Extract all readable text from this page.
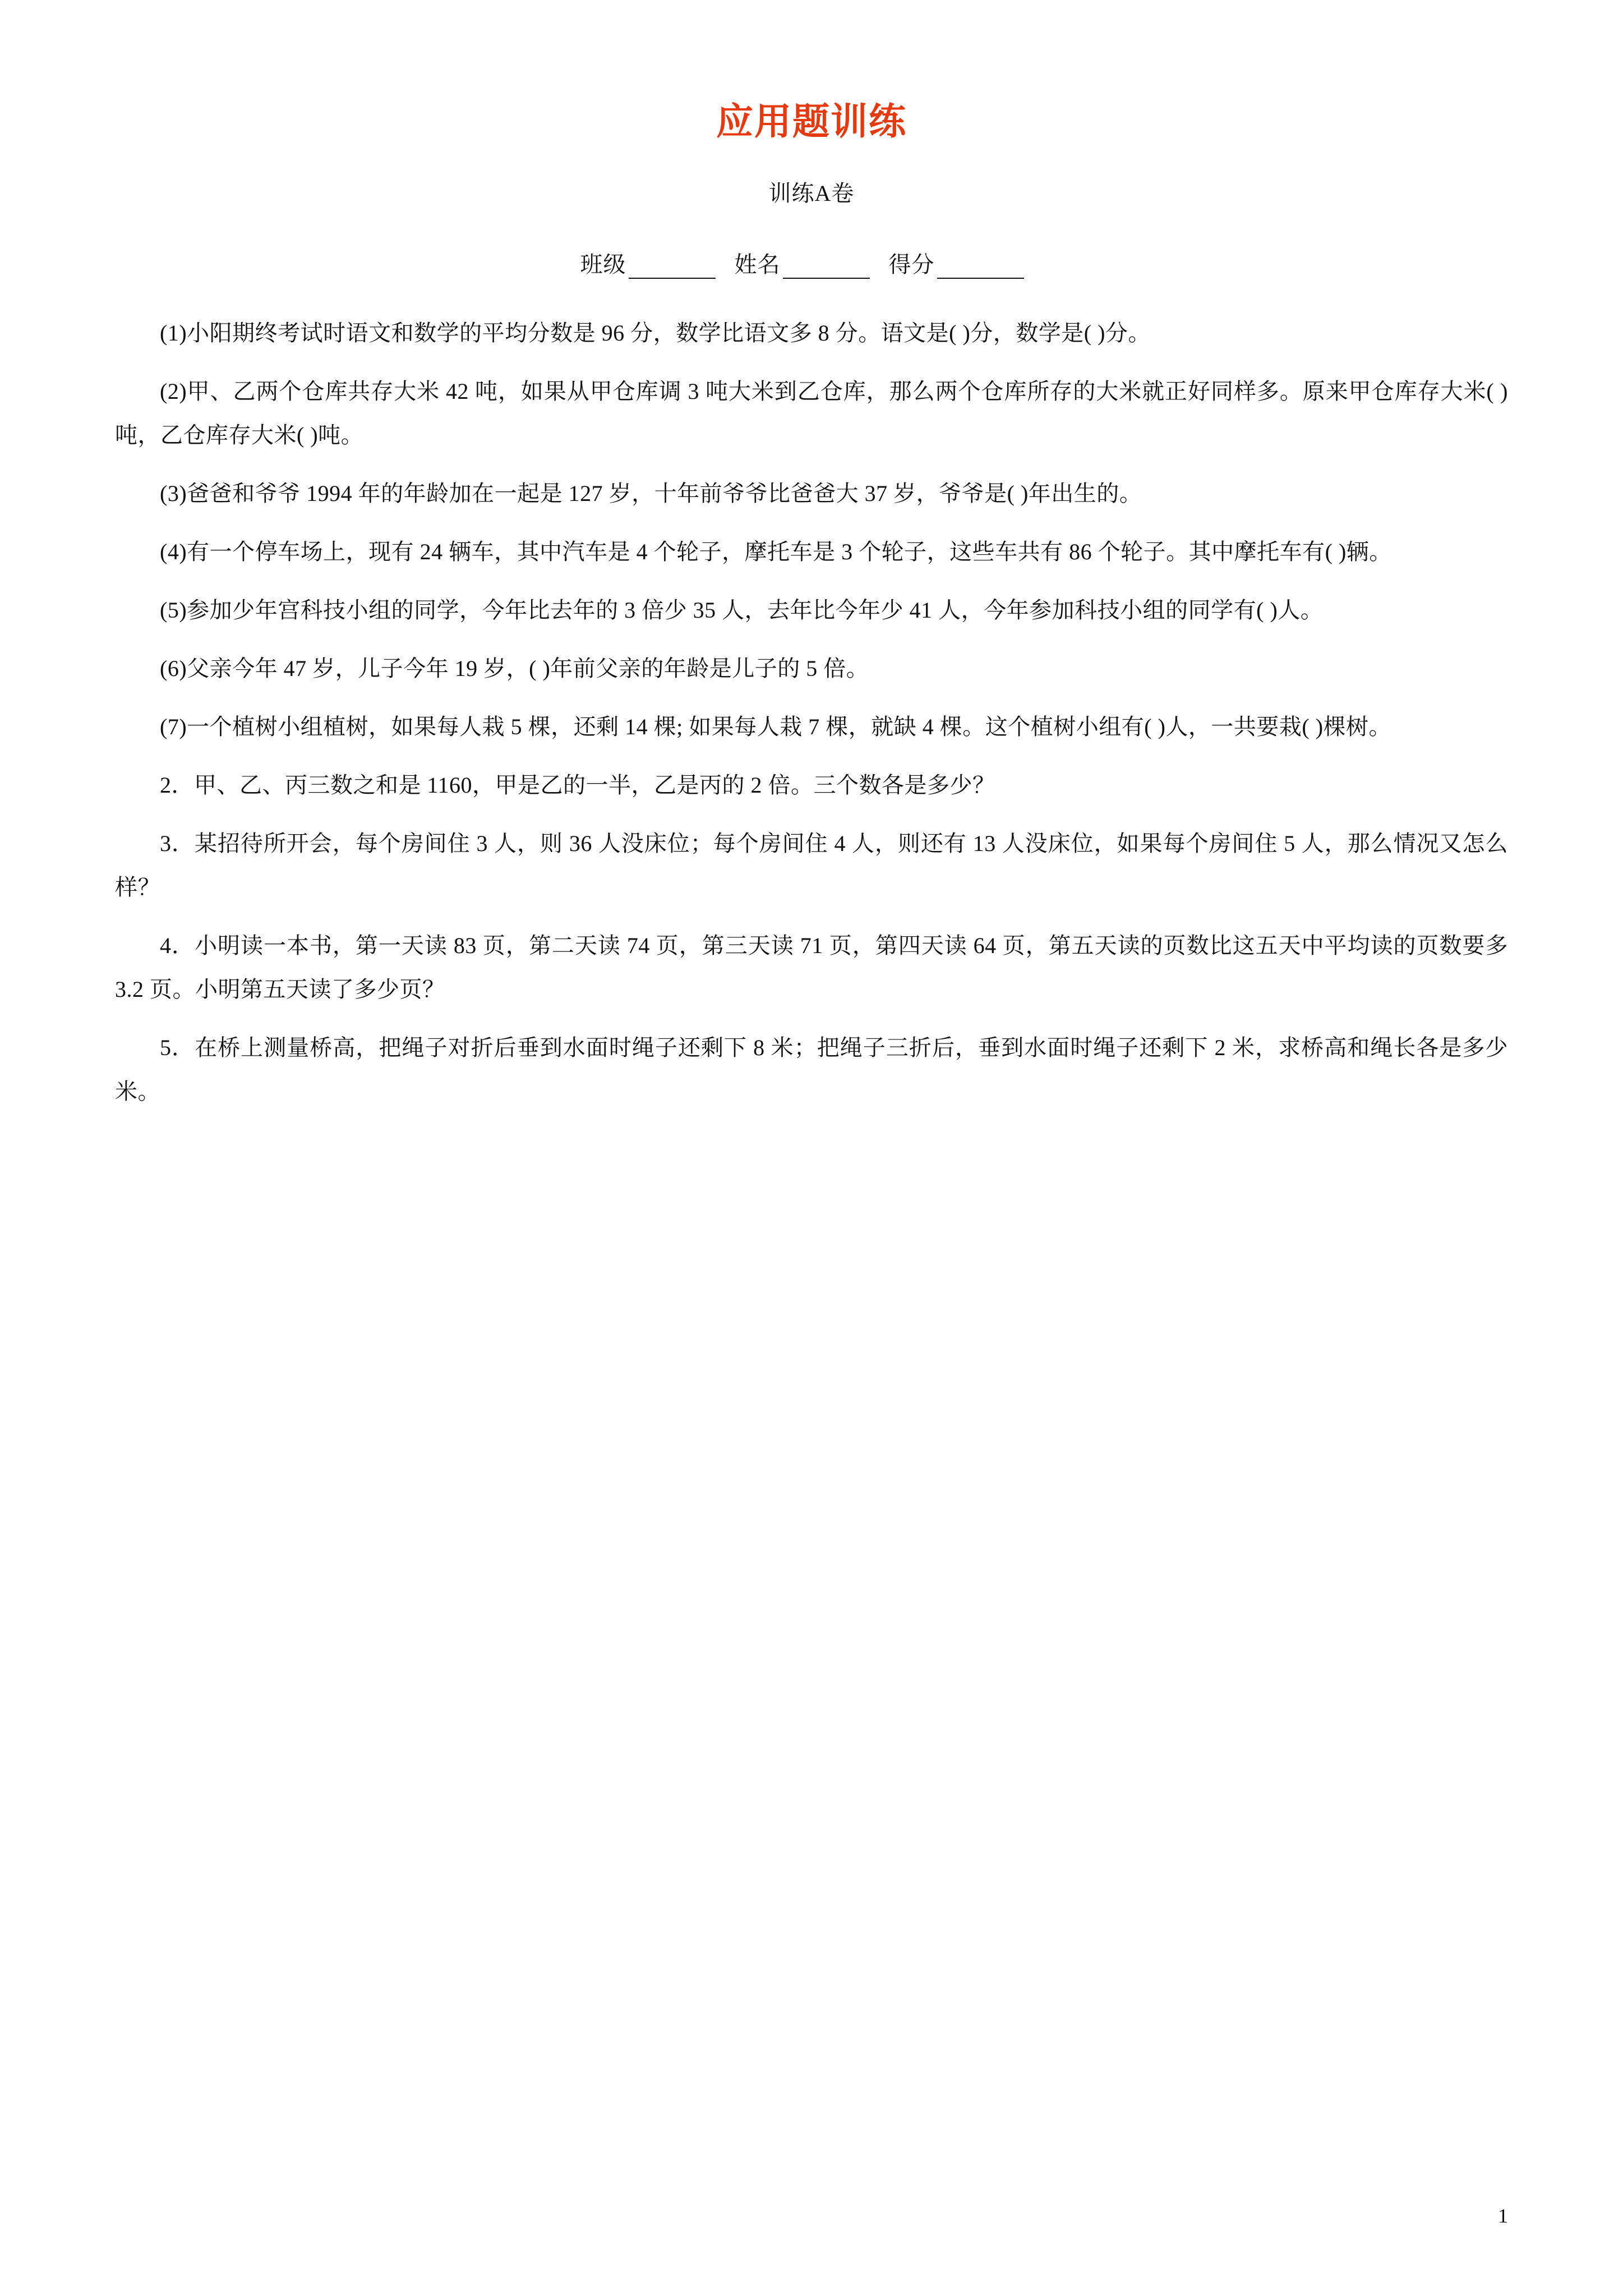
应用题训练
训练A卷
班级	姓名	得分

(1)小阳期终考试时语文和数学的平均分数是 96 分，数学比语文多 8 分。语文是( )分，数学是( )分。

(2)甲、乙两个仓库共存大米 42 吨，如果从甲仓库调 3 吨大米到乙仓库，那么两个仓库所存的大米就正好同样多。原来甲仓库存大米( )吨，乙仓库存大米( )吨。

(3)爸爸和爷爷 1994 年的年龄加在一起是 127 岁，十年前爷爷比爸爸大 37 岁，爷爷是( )年出生的。

(4)有一个停车场上，现有 24 辆车，其中汽车是 4 个轮子，摩托车是 3 个轮子，这些车共有 86 个轮子。其中摩托车有( )辆。

(5)参加少年宫科技小组的同学，今年比去年的 3 倍少 35 人，去年比今年少 41 人，今年参加科技小组的同学有( )人。

(6)父亲今年 47 岁，儿子今年 19 岁，( )年前父亲的年龄是儿子的 5 倍。

(7)一个植树小组植树，如果每人栽 5 棵，还剩 14 棵; 如果每人栽 7 棵，就缺 4 棵。这个植树小组有( )人，一共要栽( )棵树。

2．甲、乙、丙三数之和是 1160，甲是乙的一半，乙是丙的 2 倍。三个数各是多少？

3．某招待所开会，每个房间住 3 人，则 36 人没床位；每个房间住 4 人，则还有 13 人没床位，如果每个房间住 5 人，那么情况又怎么样？

4．小明读一本书，第一天读 83 页，第二天读 74 页，第三天读 71 页，第四天读 64 页，第五天读的页数比这五天中平均读的页数要多 3.2 页。小明第五天读了多少页？

5．在桥上测量桥高，把绳子对折后垂到水面时绳子还剩下 8 米；把绳子三折后，垂到水面时绳子还剩下 2 米，求桥高和绳长各是多少米。

1
